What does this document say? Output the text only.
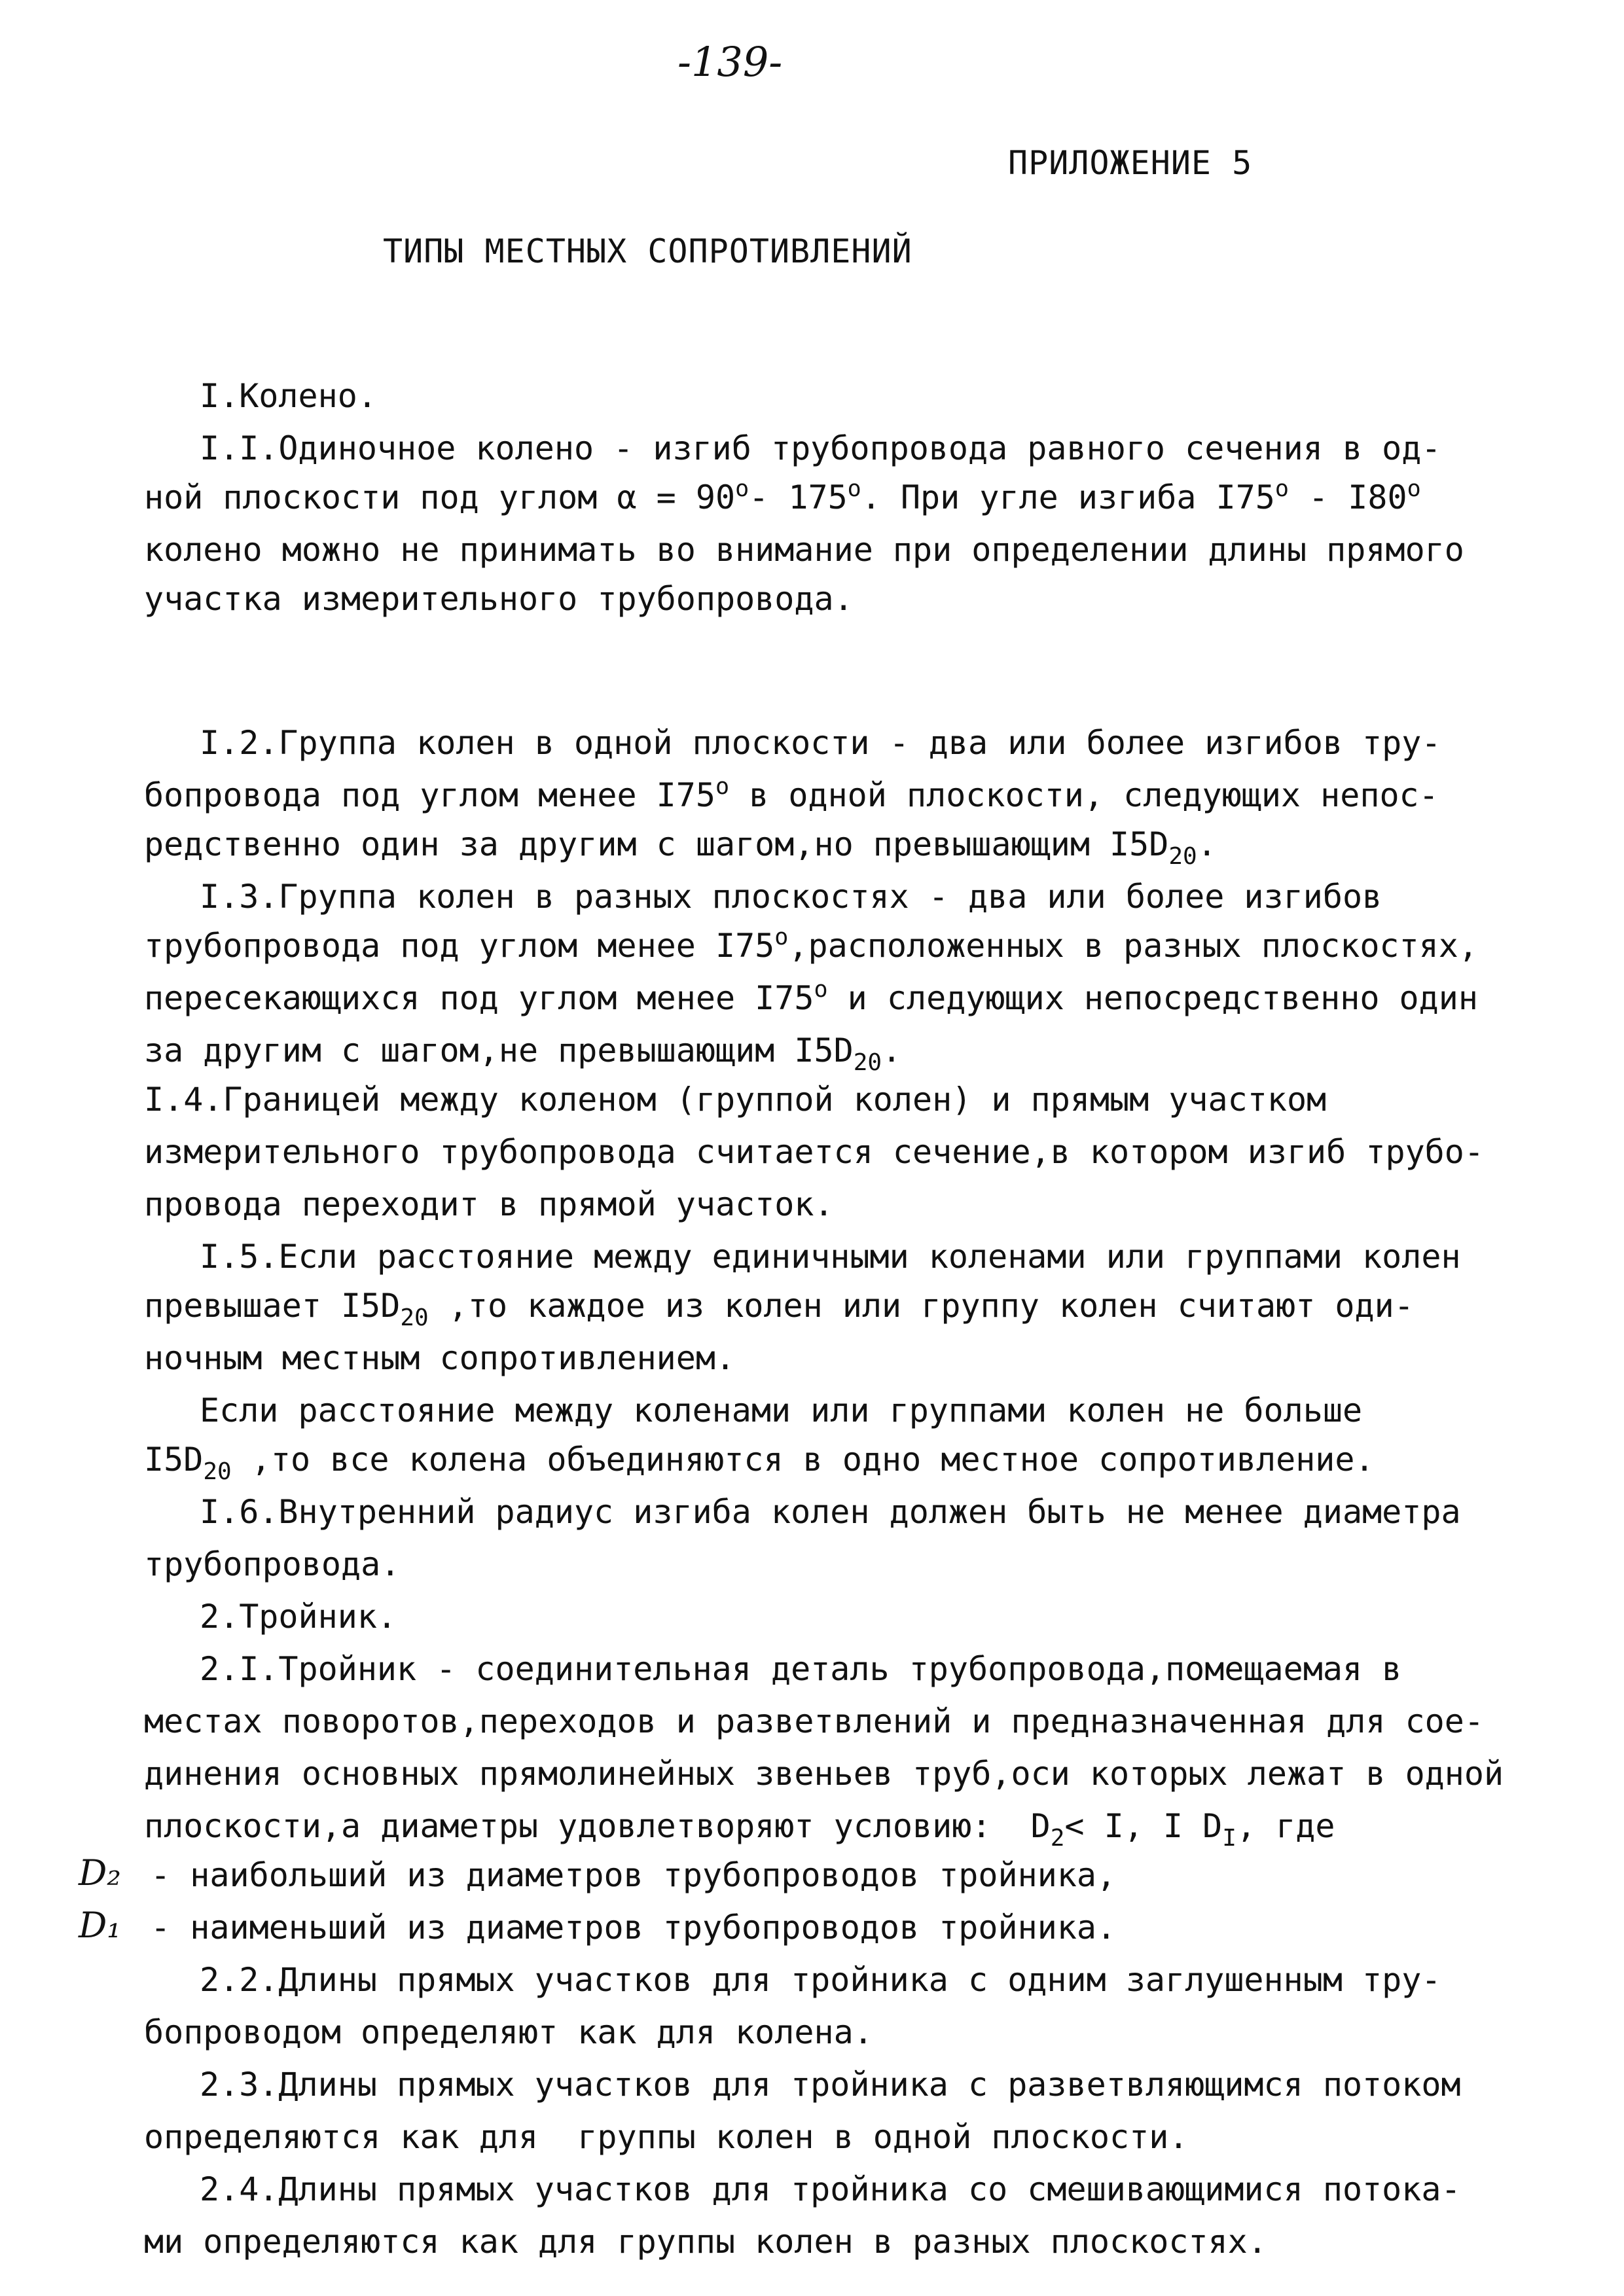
-139-
ПРИЛОЖЕНИЕ 5
ТИПЫ МЕСТНЫХ СОПРОТИВЛЕНИЙ
I.Колено.
I.I.Одиночное колено - изгиб трубопровода равного сечения в од-
ной плоскости под углом $\alpha = 90^o-$ 175$^o$. При угле изгиба I75$^o$ - I80$^o$
колено можно не принимать во внимание при определении длины прямого
участка измерительного трубопровода.
I.2.Группа колен в одной плоскости - два или более изгибов тру-
бопровода под углом менее I75$^o$ в одной плоскости, следующих непос-
редственно один за другим с шагом,но превышающим $I5D_{20}$.
I.3.Группа колен в разных плоскостях - два или более изгибов
трубопровода под углом менее I75$^o$,расположенных в разных плоскостях,
пересекающихся под углом менее I75$^o$ и следующих непосредственно один
за другим с шагом,не превышающим $I5D_{20}$.
I.4.Границей между коленом (группой колен) и прямым участком
измерительного трубопровода считается сечение,в котором изгиб трубо-
провода переходит в прямой участок.
I.5.Если расстояние между единичными коленами или группами колен
превышает $I5D_{20}$ ,то каждое из колен или группу колен считают оди-
ночным местным сопротивлением.
Если расстояние между коленами или группами колен не больше
$I5D_{20}$ ,то все колена объединяются в одно местное сопротивление.
I.6.Внутренний радиус изгиба колен должен быть не менее диаметра
трубопровода.
2.Тройник.
2.I.Тройник - соединительная деталь трубопровода,помещаемая в
местах поворотов,переходов и разветвлений и предназначенная для сое-
динения основных прямолинейных звеньев труб,оси которых лежат в одной
плоскости,а диаметры удовлетворяют условию:  $D_2< I$, I $D_I$, где
D₂ - наибольший из диаметров трубопроводов тройника,
D₁ - наименьший из диаметров трубопроводов тройника.
2.2.Длины прямых участков для тройника с одним заглушенным тру-
бопроводом определяют как для колена.
2.3.Длины прямых участков для тройника с разветвляющимся потоком
определяются как для  группы колен в одной плоскости.
2.4.Длины прямых участков для тройника со смешивающимися потока-
ми определяются как для группы колен в разных плоскостях.
